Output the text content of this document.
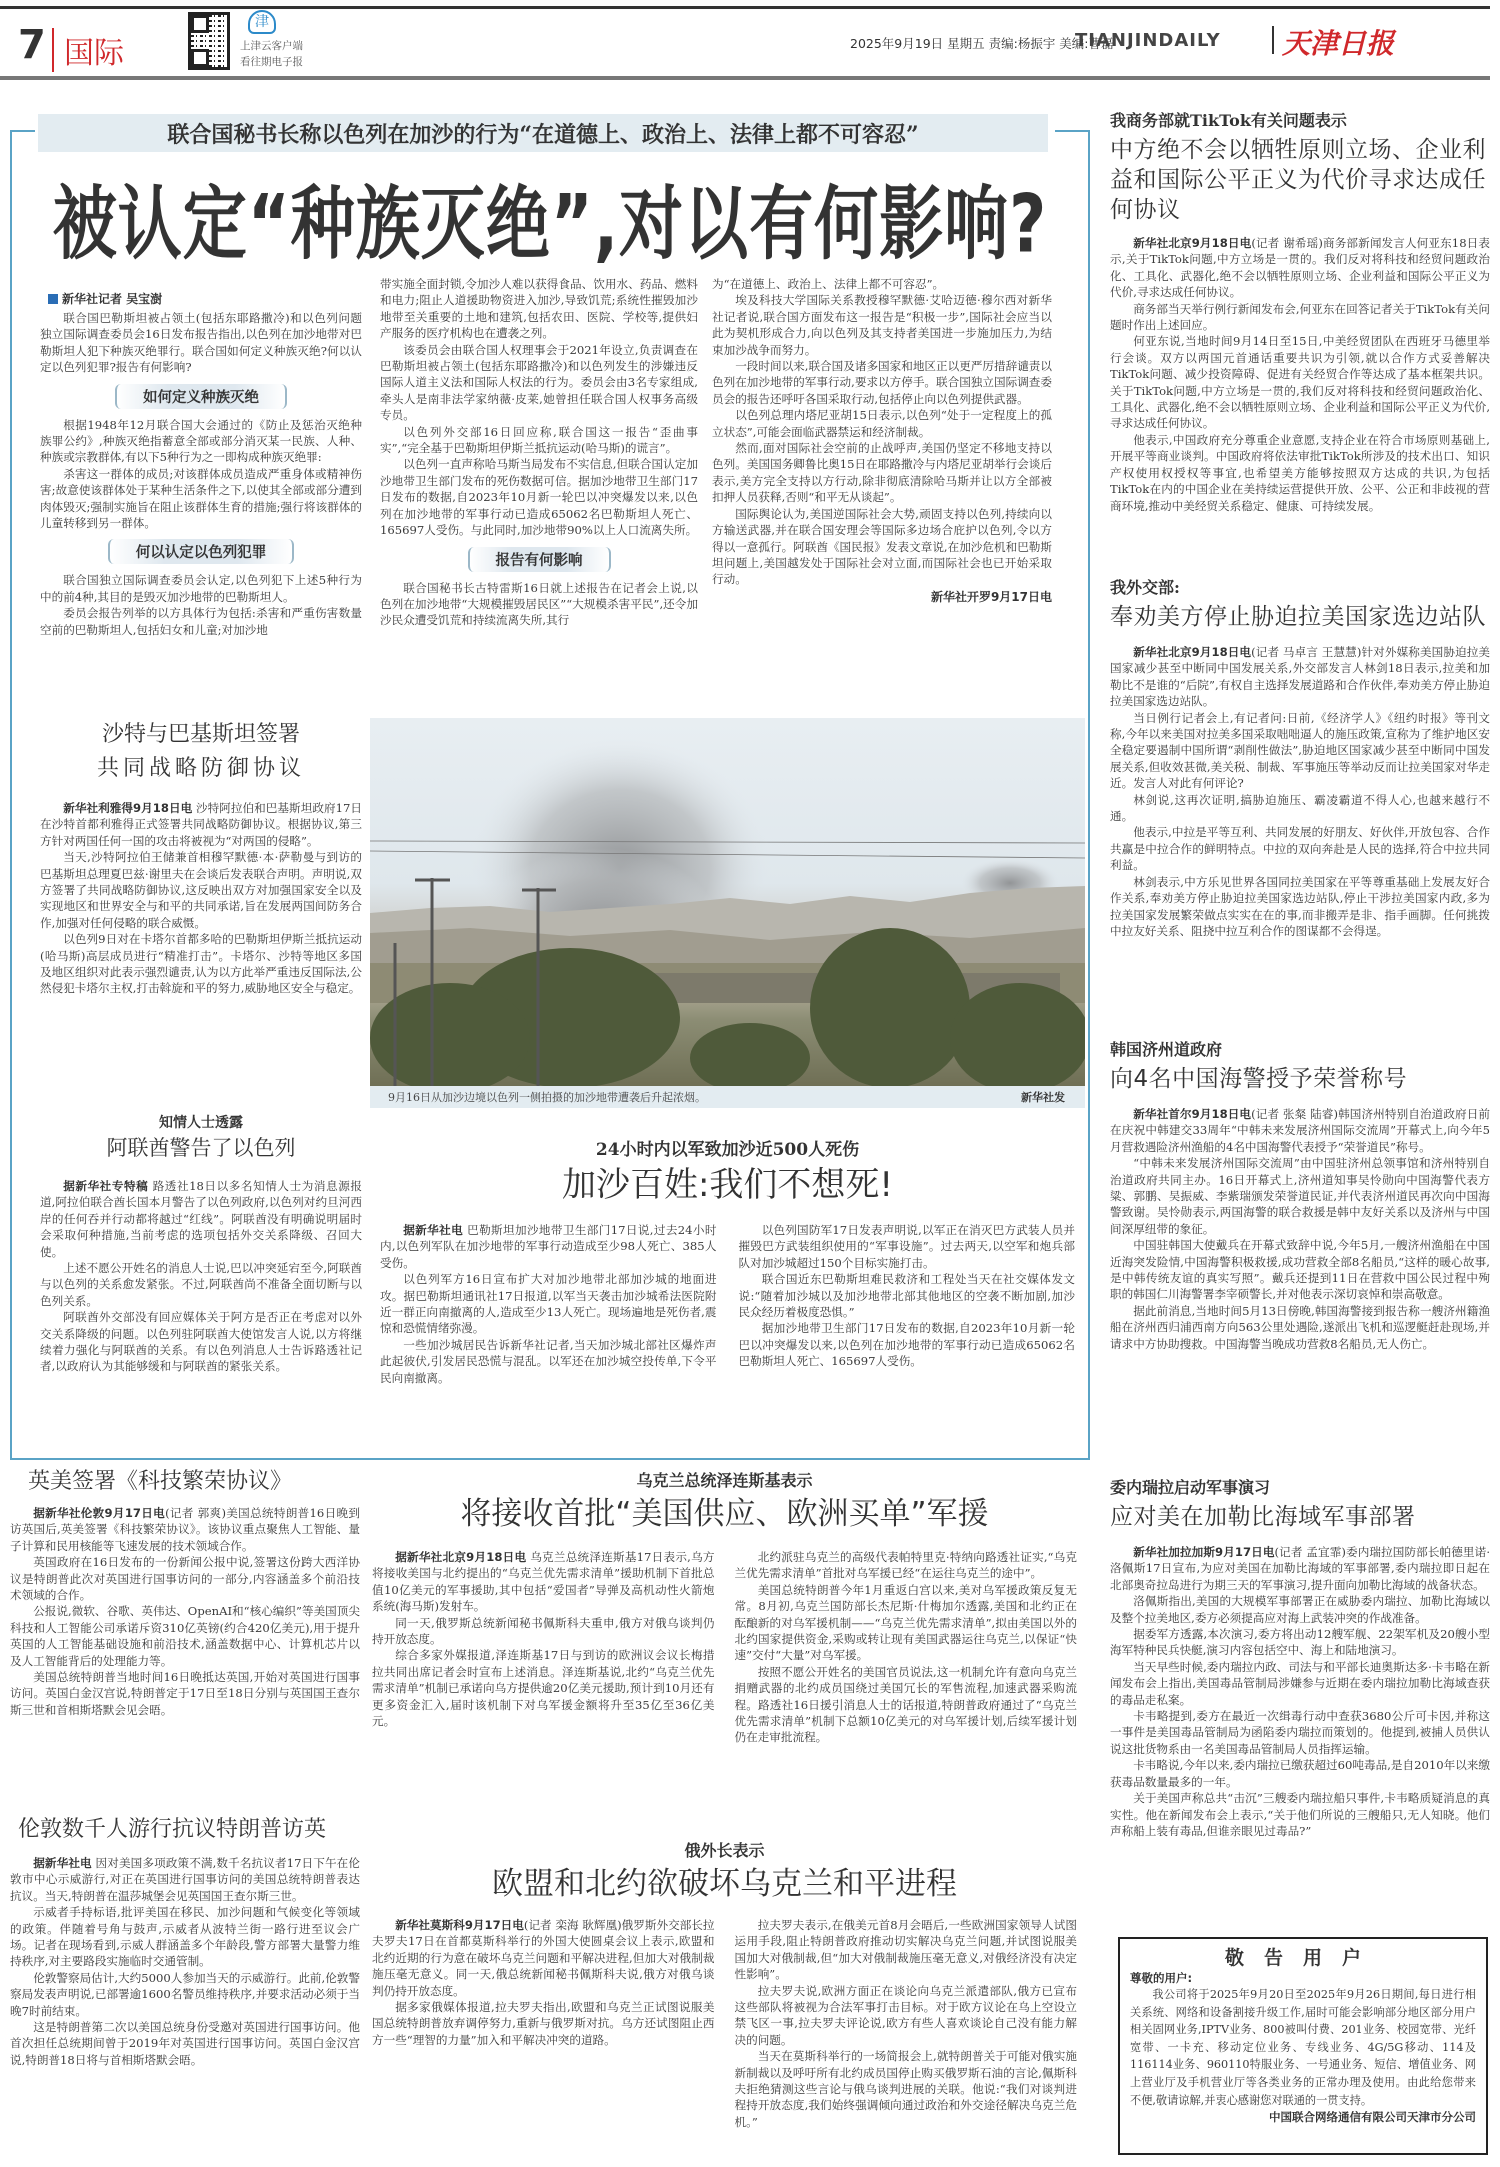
7 国际
津
上津云客户端
看往期电子报
2025年9月19日 星期五 责编:杨振宇 美编:曹磊
TIANJINDAILY 天津日报
联合国秘书长称以色列在加沙的行为“在道德上、政治上、法律上都不可容忍”
被认定“种族灭绝”,对以有何影响?
新华社记者 吴宝澍

联合国巴勒斯坦被占领土(包括东耶路撒冷)和以色列问题独立国际调查委员会16日发布报告指出,以色列在加沙地带对巴勒斯坦人犯下种族灭绝罪行。联合国如何定义种族灭绝?何以认定以色列犯罪?报告有何影响?

如何定义种族灭绝

根据1948年12月联合国大会通过的《防止及惩治灭绝种族罪公约》,种族灭绝指蓄意全部或部分消灭某一民族、人种、种族或宗教群体,有以下5种行为之一即构成种族灭绝罪:

杀害这一群体的成员;对该群体成员造成严重身体或精神伤害;故意使该群体处于某种生活条件之下,以使其全部或部分遭到肉体毁灭;强制实施旨在阻止该群体生育的措施;强行将该群体的儿童转移到另一群体。

何以认定以色列犯罪

联合国独立国际调查委员会认定,以色列犯下上述5种行为中的前4种,其目的是毁灭加沙地带的巴勒斯坦人。

委员会报告列举的以方具体行为包括:杀害和严重伤害数量空前的巴勒斯坦人,包括妇女和儿童;对加沙地

带实施全面封锁,令加沙人难以获得食品、饮用水、药品、燃料和电力;阻止人道援助物资进入加沙,导致饥荒;系统性摧毁加沙地带至关重要的土地和建筑,包括农田、医院、学校等,提供妇产服务的医疗机构也在遭袭之列。

该委员会由联合国人权理事会于2021年设立,负责调查在巴勒斯坦被占领土(包括东耶路撒冷)和以色列发生的涉嫌违反国际人道主义法和国际人权法的行为。委员会由3名专家组成,牵头人是南非法学家纳薇·皮莱,她曾担任联合国人权事务高级专员。

以色列外交部16日回应称,联合国这一报告“歪曲事实”,“完全基于巴勒斯坦伊斯兰抵抗运动(哈马斯)的谎言”。

以色列一直声称哈马斯当局发布不实信息,但联合国认定加沙地带卫生部门发布的死伤数据可信。据加沙地带卫生部门17日发布的数据,自2023年10月新一轮巴以冲突爆发以来,以色列在加沙地带的军事行动已造成65062名巴勒斯坦人死亡、165697人受伤。与此同时,加沙地带90%以上人口流离失所。

报告有何影响

联合国秘书长古特雷斯16日就上述报告在记者会上说,以色列在加沙地带“大规模摧毁居民区”“大规模杀害平民”,还令加沙民众遭受饥荒和持续流离失所,其行

为“在道德上、政治上、法律上都不可容忍”。

埃及科技大学国际关系教授穆罕默德·艾哈迈德·穆尔西对新华社记者说,联合国方面发布这一报告是“积极一步”,国际社会应当以此为契机形成合力,向以色列及其支持者美国进一步施加压力,为结束加沙战争而努力。

一段时间以来,联合国及诸多国家和地区正以更严厉措辞谴责以色列在加沙地带的军事行动,要求以方停手。联合国独立国际调查委员会的报告还呼吁各国采取行动,包括停止向以色列提供武器。

以色列总理内塔尼亚胡15日表示,以色列“处于一定程度上的孤立状态”,可能会面临武器禁运和经济制裁。

然而,面对国际社会空前的止战呼声,美国仍坚定不移地支持以色列。美国国务卿鲁比奥15日在耶路撒冷与内塔尼亚胡举行会谈后表示,美方完全支持以方行动,除非彻底清除哈马斯并让以方全部被扣押人员获释,否则“和平无从谈起”。

国际舆论认为,美国逆国际社会大势,顽固支持以色列,持续向以方输送武器,并在联合国安理会等国际多边场合庇护以色列,令以方得以一意孤行。阿联酋《国民报》发表文章说,在加沙危机和巴勒斯坦问题上,美国越发处于国际社会对立面,而国际社会也已开始采取行动。

新华社开罗9月17日电
沙特与巴基斯坦签署
共同战略防御协议

新华社利雅得9月18日电 沙特阿拉伯和巴基斯坦政府17日在沙特首都利雅得正式签署共同战略防御协议。根据协议,第三方针对两国任何一国的攻击将被视为“对两国的侵略”。

当天,沙特阿拉伯王储兼首相穆罕默德·本·萨勒曼与到访的巴基斯坦总理夏巴兹·谢里夫在会谈后发表联合声明。声明说,双方签署了共同战略防御协议,这反映出双方对加强国家安全以及实现地区和世界安全与和平的共同承诺,旨在发展两国间防务合作,加强对任何侵略的联合威慑。

以色列9日对在卡塔尔首都多哈的巴勒斯坦伊斯兰抵抗运动(哈马斯)高层成员进行“精准打击”。卡塔尔、沙特等地区多国及地区组织对此表示强烈谴责,认为以方此举严重违反国际法,公然侵犯卡塔尔主权,打击斡旋和平的努力,威胁地区安全与稳定。

知情人士透露
阿联酋警告了以色列

据新华社专特稿 路透社18日以多名知情人士为消息源报道,阿拉伯联合酋长国本月警告了以色列政府,以色列对约旦河西岸的任何吞并行动都将越过“红线”。阿联酋没有明确说明届时会采取何种措施,当前考虑的选项包括外交关系降级、召回大使。

上述不愿公开姓名的消息人士说,巴以冲突延宕至今,阿联酋与以色列的关系愈发紧张。不过,阿联酋尚不准备全面切断与以色列关系。

阿联酋外交部没有回应媒体关于阿方是否正在考虑对以外交关系降级的问题。以色列驻阿联酋大使馆发言人说,以方将继续着力强化与阿联酋的关系。有以色列消息人士告诉路透社记者,以政府认为其能够缓和与阿联酋的紧张关系。

9月16日从加沙边境以色列一侧拍摄的加沙地带遭袭后升起浓烟。	新华社发
24小时内以军致加沙近500人死伤
加沙百姓:我们不想死!

据新华社电 巴勒斯坦加沙地带卫生部门17日说,过去24小时内,以色列军队在加沙地带的军事行动造成至少98人死亡、385人受伤。

以色列军方16日宣布扩大对加沙地带北部加沙城的地面进攻。据巴勒斯坦通讯社17日报道,以军当天袭击加沙城希法医院附近一群正向南撤离的人,造成至少13人死亡。现场遍地是死伤者,震惊和恐慌情绪弥漫。

一些加沙城居民告诉新华社记者,当天加沙城北部社区爆炸声此起彼伏,引发居民恐慌与混乱。以军还在加沙城空投传单,下令平民向南撤离。

以色列国防军17日发表声明说,以军正在消灭巴方武装人员并摧毁巴方武装组织使用的“军事设施”。过去两天,以空军和炮兵部队对加沙城超过150个目标实施打击。

联合国近东巴勒斯坦难民救济和工程处当天在社交媒体发文说:“随着加沙城以及加沙地带北部其他地区的空袭不断加剧,加沙民众经历着极度恐惧。”

据加沙地带卫生部门17日发布的数据,自2023年10月新一轮巴以冲突爆发以来,以色列在加沙地带的军事行动已造成65062名巴勒斯坦人死亡、165697人受伤。

英美签署《科技繁荣协议》

据新华社伦敦9月17日电(记者 郭爽)美国总统特朗普16日晚到访英国后,英美签署《科技繁荣协议》。该协议重点聚焦人工智能、量子计算和民用核能等飞速发展的技术领域合作。

英国政府在16日发布的一份新闻公报中说,签署这份跨大西洋协议是特朗普此次对英国进行国事访问的一部分,内容涵盖多个前沿技术领域的合作。

公报说,微软、谷歌、英伟达、OpenAI和“核心编织”等美国顶尖科技和人工智能公司承诺斥资310亿英镑(约合420亿美元),用于提升英国的人工智能基础设施和前沿技术,涵盖数据中心、计算机芯片以及人工智能背后的处理能力等。

美国总统特朗普当地时间16日晚抵达英国,开始对英国进行国事访问。英国白金汉宫说,特朗普定于17日至18日分别与英国国王查尔斯三世和首相斯塔默会见会晤。

伦敦数千人游行抗议特朗普访英

据新华社电 因对美国多项政策不满,数千名抗议者17日下午在伦敦市中心示威游行,对正在英国进行国事访问的美国总统特朗普表达抗议。当天,特朗普在温莎城堡会见英国国王查尔斯三世。

示威者手持标语,批评美国在移民、加沙问题和气候变化等领域的政策。伴随着号角与鼓声,示威者从波特兰街一路行进至议会广场。记者在现场看到,示威人群涵盖多个年龄段,警方部署大量警力维持秩序,对主要路段实施临时交通管制。

伦敦警察局估计,大约5000人参加当天的示威游行。此前,伦敦警察局发表声明说,已部署逾1600名警员维持秩序,并要求活动必须于当晚7时前结束。

这是特朗普第二次以美国总统身份受邀对英国进行国事访问。他首次担任总统期间曾于2019年对英国进行国事访问。英国白金汉宫说,特朗普18日将与首相斯塔默会晤。

乌克兰总统泽连斯基表示
将接收首批“美国供应、欧洲买单”军援

据新华社北京9月18日电 乌克兰总统泽连斯基17日表示,乌方将接收美国与北约提出的“乌克兰优先需求清单”援助机制下首批总值10亿美元的军事援助,其中包括“爱国者”导弹及高机动性火箭炮系统(海马斯)发射车。

同一天,俄罗斯总统新闻秘书佩斯科夫重申,俄方对俄乌谈判仍持开放态度。

综合多家外媒报道,泽连斯基17日与到访的欧洲议会议长梅措拉共同出席记者会时宣布上述消息。泽连斯基说,北约“乌克兰优先需求清单”机制已承诺向乌方提供逾20亿美元援助,预计到10月还有更多资金汇入,届时该机制下对乌军援金额将升至35亿至36亿美元。

北约派驻乌克兰的高级代表帕特里克·特纳向路透社证实,“乌克兰优先需求清单”首批对乌军援已经“在运往乌克兰的途中”。

美国总统特朗普今年1月重返白宫以来,美对乌军援政策反复无常。8月初,乌克兰国防部长杰尼斯·什梅加尔透露,美国和北约正在酝酿新的对乌军援机制——“乌克兰优先需求清单”,拟由美国以外的北约国家提供资金,采购或转让现有美国武器运往乌克兰,以保证“快速”交付“大量”对乌军援。

按照不愿公开姓名的美国官员说法,这一机制允许有意向乌克兰捐赠武器的北约成员国绕过美国冗长的军售流程,加速武器采购流程。路透社16日援引消息人士的话报道,特朗普政府通过了“乌克兰优先需求清单”机制下总额10亿美元的对乌军援计划,后续军援计划仍在走审批流程。

俄外长表示
欧盟和北约欲破坏乌克兰和平进程

新华社莫斯科9月17日电(记者 栾海 耿辉凰)俄罗斯外交部长拉夫罗夫17日在首都莫斯科举行的外国大使圆桌会议上表示,欧盟和北约近期的行为意在破坏乌克兰问题和平解决进程,但加大对俄制裁施压毫无意义。同一天,俄总统新闻秘书佩斯科夫说,俄方对俄乌谈判仍持开放态度。

据多家俄媒体报道,拉夫罗夫指出,欧盟和乌克兰正试图说服美国总统特朗普放弃调停努力,重新与俄罗斯对抗。乌方还试图阻止西方一些“理智的力量”加入和平解决冲突的道路。

拉夫罗夫表示,在俄美元首8月会晤后,一些欧洲国家领导人试图运用手段,阻止特朗普政府推动切实解决乌克兰问题,并试图说服美国加大对俄制裁,但“加大对俄制裁施压毫无意义,对俄经济没有决定性影响”。

拉夫罗夫说,欧洲方面正在谈论向乌克兰派遣部队,俄方已宣布这些部队将被视为合法军事打击目标。对于欧方议论在乌上空设立禁飞区一事,拉夫罗夫评论说,欧方有些人喜欢谈论自己没有能力解决的问题。

当天在莫斯科举行的一场简报会上,就特朗普关于可能对俄实施新制裁以及呼吁所有北约成员国停止购买俄罗斯石油的言论,佩斯科夫拒绝猜测这些言论与俄乌谈判进展的关联。他说:“我们对谈判进程持开放态度,我们始终强调倾向通过政治和外交途径解决乌克兰危机。”

我商务部就TikTok有关问题表示
中方绝不会以牺牲原则立场、企业利益和国际公平正义为代价寻求达成任何协议

新华社北京9月18日电(记者 谢希瑶)商务部新闻发言人何亚东18日表示,关于TikTok问题,中方立场是一贯的。我们反对将科技和经贸问题政治化、工具化、武器化,绝不会以牺牲原则立场、企业利益和国际公平正义为代价,寻求达成任何协议。

商务部当天举行例行新闻发布会,何亚东在回答记者关于TikTok有关问题时作出上述回应。

何亚东说,当地时间9月14日至15日,中美经贸团队在西班牙马德里举行会谈。双方以两国元首通话重要共识为引领,就以合作方式妥善解决TikTok问题、减少投资障碍、促进有关经贸合作等达成了基本框架共识。关于TikTok问题,中方立场是一贯的,我们反对将科技和经贸问题政治化、工具化、武器化,绝不会以牺牲原则立场、企业利益和国际公平正义为代价,寻求达成任何协议。

他表示,中国政府充分尊重企业意愿,支持企业在符合市场原则基础上,开展平等商业谈判。中国政府将依法审批TikTok所涉及的技术出口、知识产权使用权授权等事宜,也希望美方能够按照双方达成的共识,为包括TikTok在内的中国企业在美持续运营提供开放、公平、公正和非歧视的营商环境,推动中美经贸关系稳定、健康、可持续发展。

我外交部:
奉劝美方停止胁迫拉美国家选边站队

新华社北京9月18日电(记者 马卓言 王慧慧)针对外媒称美国胁迫拉美国家减少甚至中断同中国发展关系,外交部发言人林剑18日表示,拉美和加勒比不是谁的“后院”,有权自主选择发展道路和合作伙伴,奉劝美方停止胁迫拉美国家选边站队。

当日例行记者会上,有记者问:日前,《经济学人》《纽约时报》等刊文称,今年以来美国对拉美多国采取咄咄逼人的施压政策,宣称为了维护地区安全稳定要遏制中国所谓“剥削性做法”,胁迫地区国家减少甚至中断同中国发展关系,但收效甚微,美关税、制裁、军事施压等举动反而让拉美国家对华走近。发言人对此有何评论?

林剑说,这再次证明,搞胁迫施压、霸凌霸道不得人心,也越来越行不通。

他表示,中拉是平等互利、共同发展的好朋友、好伙伴,开放包容、合作共赢是中拉合作的鲜明特点。中拉的双向奔赴是人民的选择,符合中拉共同利益。

林剑表示,中方乐见世界各国同拉美国家在平等尊重基础上发展友好合作关系,奉劝美方停止胁迫拉美国家选边站队,停止干涉拉美国家内政,多为拉美国家发展繁荣做点实实在在的事,而非搬弄是非、指手画脚。任何挑拨中拉友好关系、阻挠中拉互利合作的图谋都不会得逞。

韩国济州道政府
向4名中国海警授予荣誉称号

新华社首尔9月18日电(记者 张粲 陆睿)韩国济州特别自治道政府日前在庆祝中韩建交33周年“中韩未来发展济州国际交流周”开幕式上,向今年5月营救遇险济州渔船的4名中国海警代表授予“荣誉道民”称号。

“中韩未来发展济州国际交流周”由中国驻济州总领事馆和济州特别自治道政府共同主办。16日开幕式上,济州道知事吴怜勋向中国海警代表方粱、郭鹏、吴振威、李紫瑞颁发荣誉道民证,并代表济州道民再次向中国海警致谢。吴怜勋表示,两国海警的联合救援是韩中友好关系以及济州与中国间深厚纽带的象征。

中国驻韩国大使戴兵在开幕式致辞中说,今年5月,一艘济州渔船在中国近海突发险情,中国海警积极救援,成功营救全部8名船员,“这样的暖心故事,是中韩传统友谊的真实写照”。戴兵还提到11日在营救中国公民过程中殉职的韩国仁川海警署李宰硕警长,并对他表示深切哀悼和崇高敬意。

据此前消息,当地时间5月13日傍晚,韩国海警接到报告称一艘济州籍渔船在济州西归浦西南方向563公里处遇险,遂派出飞机和巡逻艇赶赴现场,并请求中方协助搜救。中国海警当晚成功营救8名船员,无人伤亡。

委内瑞拉启动军事演习
应对美在加勒比海域军事部署

新华社加拉加斯9月17日电(记者 孟宜霏)委内瑞拉国防部长帕德里诺·洛佩斯17日宣布,为应对美国在加勒比海域的军事部署,委内瑞拉即日起在北部奥奇拉岛进行为期三天的军事演习,提升面向加勒比海域的战备状态。

洛佩斯指出,美国的大规模军事部署正在威胁委内瑞拉、加勒比海域以及整个拉美地区,委方必须提高应对海上武装冲突的作战准备。

据委军方透露,本次演习,委方将出动12艘军舰、22架军机及20艘小型海军特种民兵快艇,演习内容包括空中、海上和陆地演习。

当天早些时候,委内瑞拉内政、司法与和平部长迪奥斯达多·卡韦略在新闻发布会上指出,美国毒品管制局涉嫌参与近期在委内瑞拉加勒比海域查获的毒品走私案。

卡韦略提到,委方在最近一次缉毒行动中查获3680公斤可卡因,并称这一事件是美国毒品管制局为函陷委内瑞拉而策划的。他提到,被捕人员供认说这批货物系由一名美国毒品管制局人员指挥运输。

卡韦略说,今年以来,委内瑞拉已缴获超过60吨毒品,是自2010年以来缴获毒品数量最多的一年。

关于美国声称总共“击沉”三艘委内瑞拉船只事件,卡韦略质疑消息的真实性。他在新闻发布会上表示,“关于他们所说的三艘船只,无人知晓。他们声称船上装有毒品,但谁亲眼见过毒品?”

敬告用户
尊敬的用户:

我公司将于2025年9月20日至2025年9月26日期间,每日进行相关系统、网络和设备割接升级工作,届时可能会影响部分地区部分用户相关固网业务,IPTV业务、800被叫付费、201业务、校园宽带、光纤宽带、一卡充、移动定位业务、专线业务、4G/5G移动、114及116114业务、960110特服业务、一号通业务、短信、增值业务、网上营业厅及手机营业厅等各类业务的正常办理及使用。由此给您带来不便,敬请谅解,并衷心感谢您对联通的一贯支持。

中国联合网络通信有限公司天津市分公司
